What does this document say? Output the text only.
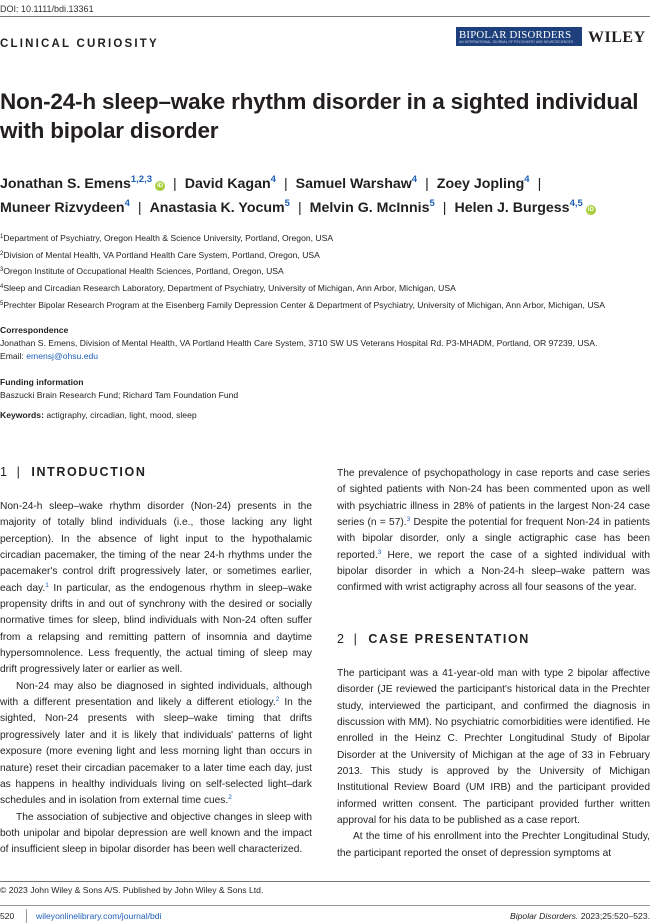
DOI: 10.1111/bdi.13361
CLINICAL CURIOSITY
BIPOLAR DISORDERS
AN INTERNATIONAL JOURNAL OF PSYCHIATRY AND NEUROSCIENCES WILEY
Non-24-h sleep–wake rhythm disorder in a sighted individual with bipolar disorder
Jonathan S. Emens$^{1,2,3}$iD | David Kagan$^4$ | Samuel Warshaw$^4$ | Zoey Jopling$^4$ |
Muneer Rizvydeen$^4$ | Anastasia K. Yocum$^5$ | Melvin G. McInnis$^5$ | Helen J. Burgess$^{4,5}$iD
$^1$Department of Psychiatry, Oregon Health & Science University, Portland, Oregon, USA
$^2$Division of Mental Health, VA Portland Health Care System, Portland, Oregon, USA
$^3$Oregon Institute of Occupational Health Sciences, Portland, Oregon, USA
$^4$Sleep and Circadian Research Laboratory, Department of Psychiatry, University of Michigan, Ann Arbor, Michigan, USA
$^5$Prechter Bipolar Research Program at the Eisenberg Family Depression Center & Department of Psychiatry, University of Michigan, Ann Arbor, Michigan, USA
Correspondence
Jonathan S. Emens, Division of Mental Health, VA Portland Health Care System, 3710 SW US Veterans Hospital Rd. P3-MHADM, Portland, OR 97239, USA.
Email: emensj@ohsu.edu
Funding information
Baszucki Brain Research Fund; Richard Tam Foundation Fund
Keywords: actigraphy, circadian, light, mood, sleep
1 | INTRODUCTION

Non-24-h sleep–wake rhythm disorder (Non-24) presents in the majority of totally blind individuals (i.e., those lacking any light perception). In the absence of light input to the hypothalamic circadian pacemaker, the timing of the near 24-h rhythms under the pacemaker's control drift progressively later, or sometimes earlier, each day.$^1$ In particular, as the endogenous rhythm in sleep–wake propensity drifts in and out of synchrony with the desired or socially normative times for sleep, blind individuals with Non-24 often suffer from a relapsing and remitting pattern of insomnia and daytime hypersomnolence. Less frequently, the actual timing of sleep may drift progressively later or earlier as well.

Non-24 may also be diagnosed in sighted individuals, although with a different presentation and likely a different etiology.$^2$ In the sighted, Non-24 presents with sleep–wake timing that drifts progressively later and it is likely that individuals' patterns of light exposure (more evening light and less morning light than occurs in nature) reset their circadian pacemaker to a later time each day, just as happens in healthy individuals living on self-selected light–dark schedules and in isolation from external time cues.$^2$

The association of subjective and objective changes in sleep with both unipolar and bipolar depression are well known and the impact of insufficient sleep in bipolar disorder has been well characterized.

The prevalence of psychopathology in case reports and case series of sighted patients with Non-24 has been commented upon as well with psychiatric illness in 28% of patients in the largest Non-24 case series (n = 57).$^3$ Despite the potential for frequent Non-24 in patients with bipolar disorder, only a single actigraphic case has been reported.$^3$ Here, we report the case of a sighted individual with bipolar disorder in which a Non-24-h sleep–wake pattern was confirmed with wrist actigraphy across all four seasons of the year.

2 | CASE PRESENTATION

The participant was a 41-year-old man with type 2 bipolar affective disorder (JE reviewed the participant's historical data in the Prechter study, interviewed the participant, and confirmed the diagnosis in discussion with MM). No psychiatric comorbidities were identified. He enrolled in the Heinz C. Prechter Longitudinal Study of Bipolar Disorder at the University of Michigan at the age of 33 in February 2013. This study is approved by the University of Michigan Institutional Review Board (UM IRB) and the participant provided informed written consent. The participant provided further written approval for his data to be published as a case report.

At the time of his enrollment into the Prechter Longitudinal Study, the participant reported the onset of depression symptoms at

© 2023 John Wiley & Sons A/S. Published by John Wiley & Sons Ltd.
520	wileyonlinelibrary.com/journal/bdi	Bipolar Disorders. 2023;25:520–523.
